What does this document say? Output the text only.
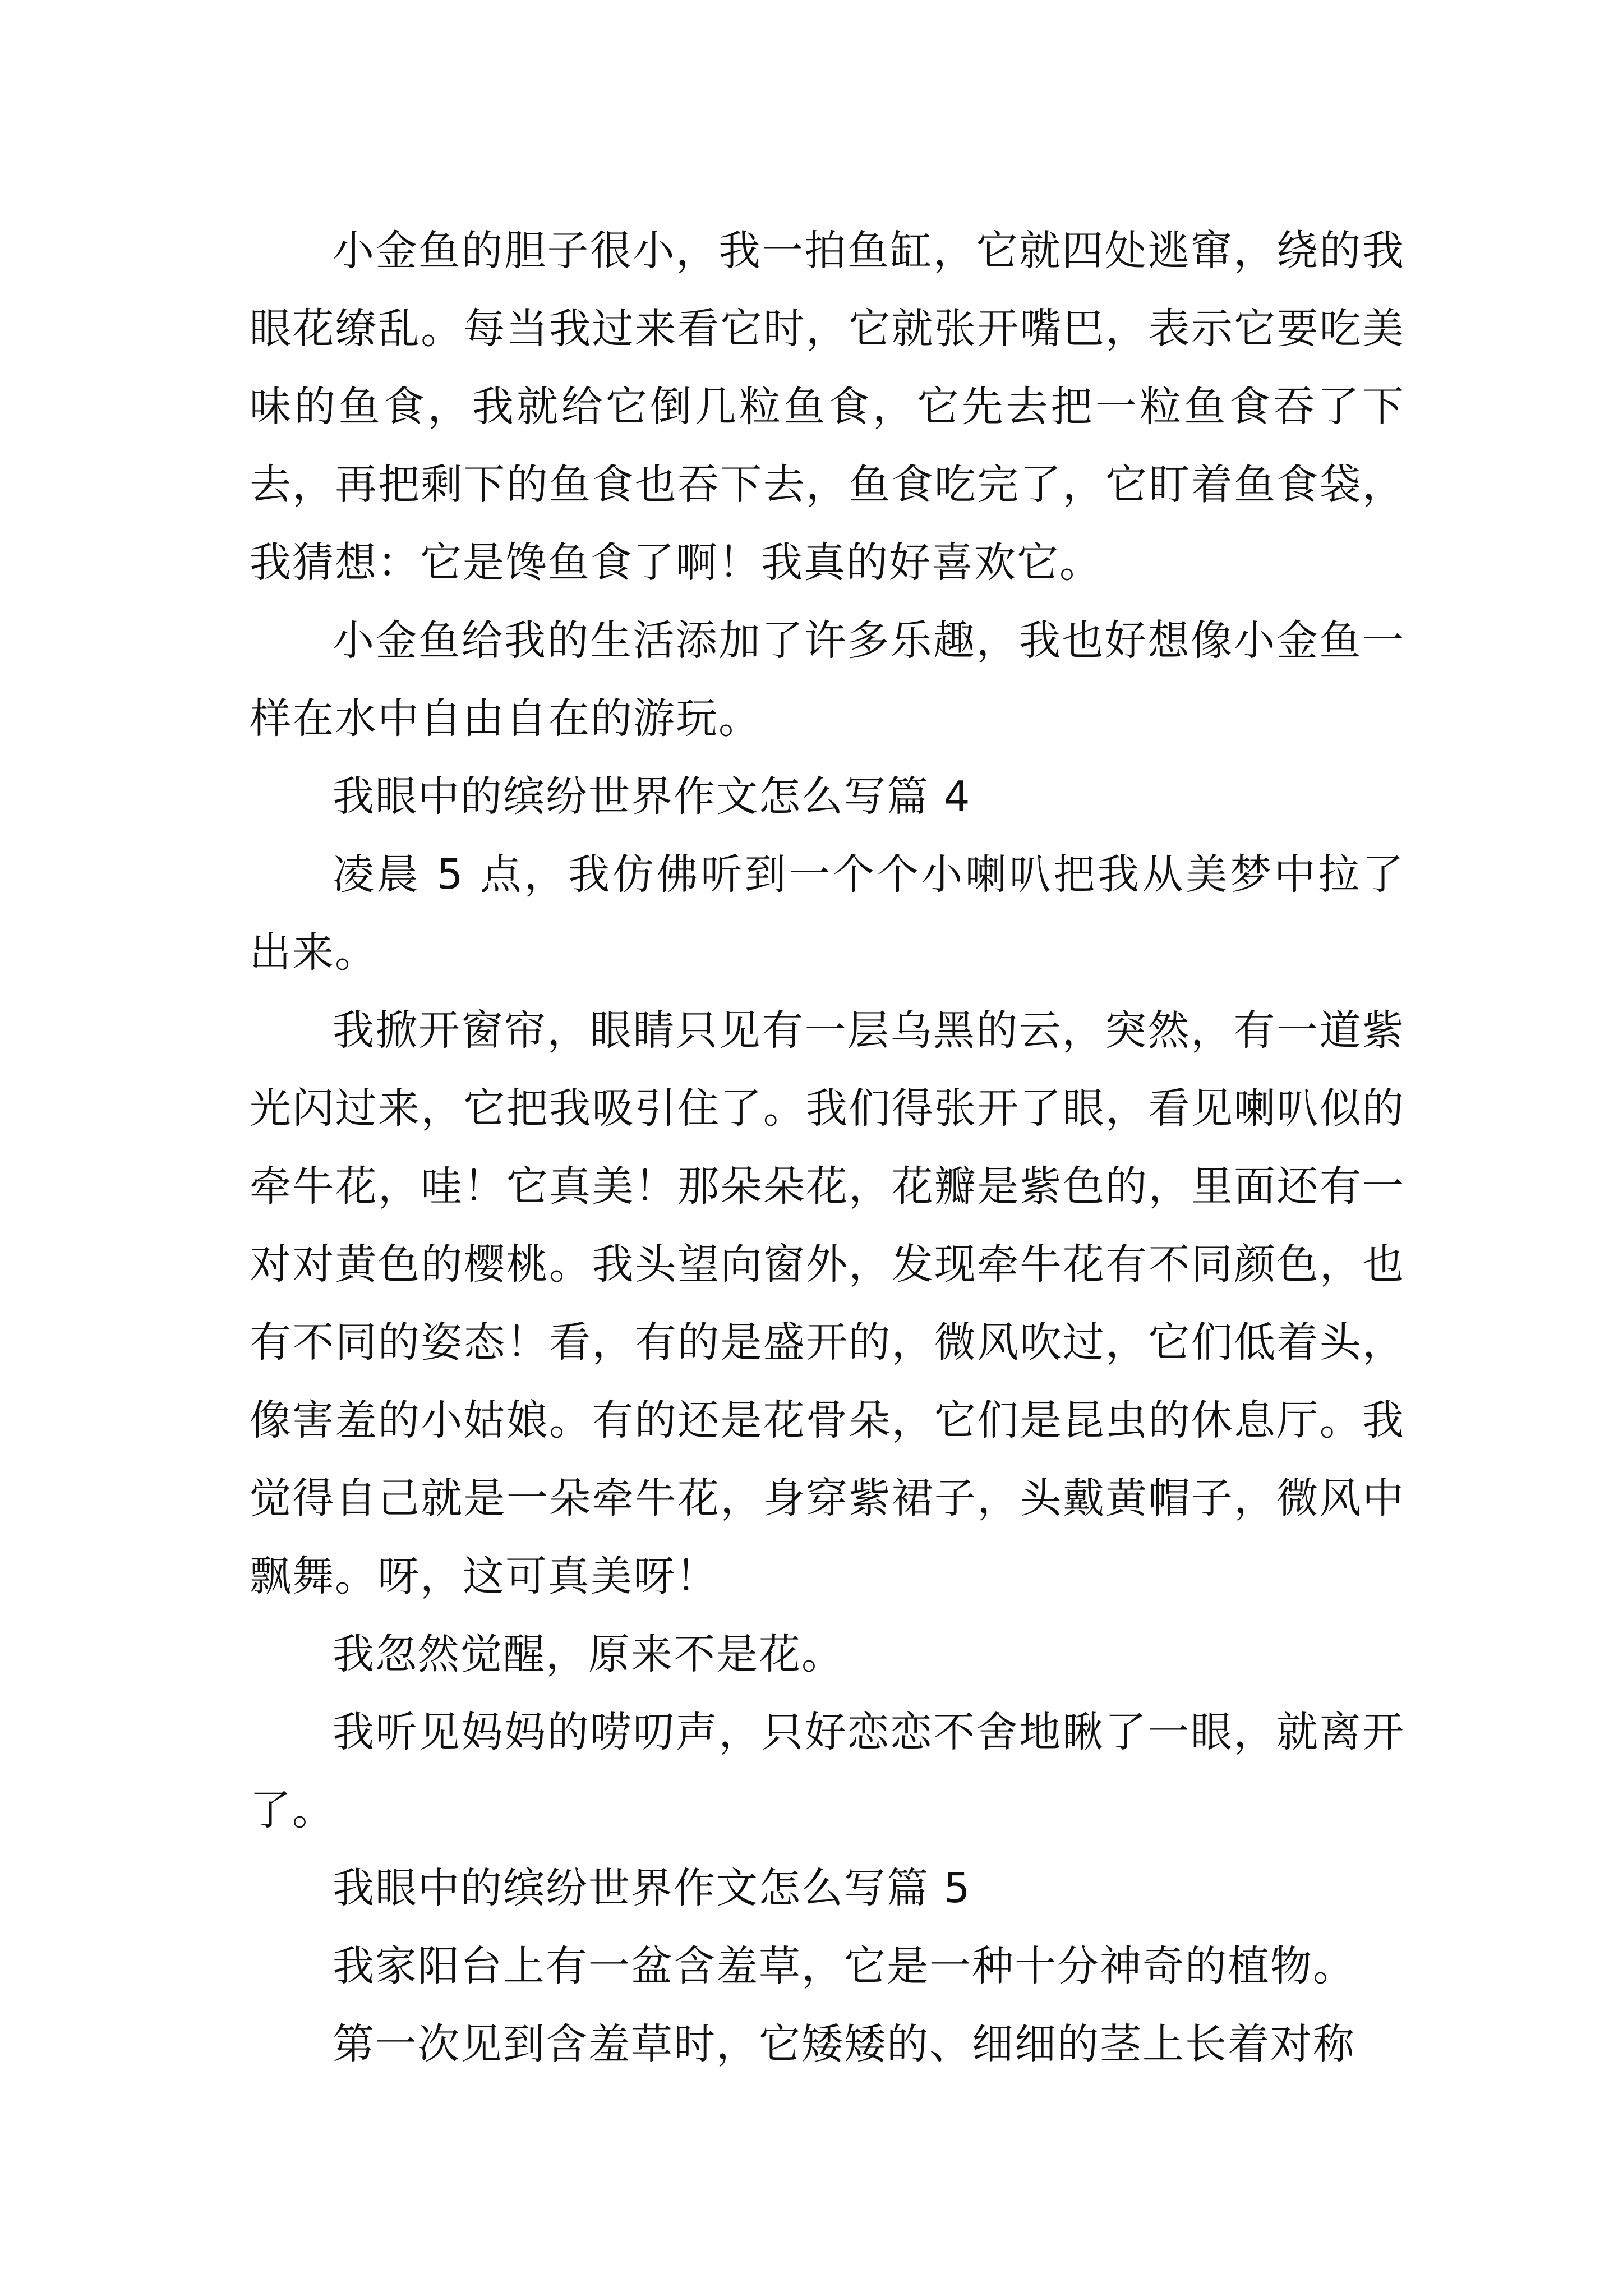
小金鱼的胆子很小，我一拍鱼缸，它就四处逃窜，绕的我眼花缭乱。每当我过来看它时，它就张开嘴巴，表示它要吃美味的鱼食，我就给它倒几粒鱼食，它先去把一粒鱼食吞了下去，再把剩下的鱼食也吞下去，鱼食吃完了，它盯着鱼食袋，我猜想：它是馋鱼食了啊！我真的好喜欢它。

小金鱼给我的生活添加了许多乐趣，我也好想像小金鱼一样在水中自由自在的游玩。

我眼中的缤纷世界作文怎么写篇 4

凌晨 5 点，我仿佛听到一个个小喇叭把我从美梦中拉了出来。

我掀开窗帘，眼睛只见有一层乌黑的云，突然，有一道紫光闪过来，它把我吸引住了。我们得张开了眼，看见喇叭似的牵牛花，哇！它真美！那朵朵花，花瓣是紫色的，里面还有一对对黄色的樱桃。我头望向窗外，发现牵牛花有不同颜色，也有不同的姿态！看，有的是盛开的，微风吹过，它们低着头，像害羞的小姑娘。有的还是花骨朵，它们是昆虫的休息厅。我觉得自己就是一朵牵牛花，身穿紫裙子，头戴黄帽子，微风中飘舞。呀，这可真美呀！

我忽然觉醒，原来不是花。

我听见妈妈的唠叨声，只好恋恋不舍地瞅了一眼，就离开了。

我眼中的缤纷世界作文怎么写篇 5

我家阳台上有一盆含羞草，它是一种十分神奇的植物。

第一次见到含羞草时，它矮矮的、细细的茎上长着对称
